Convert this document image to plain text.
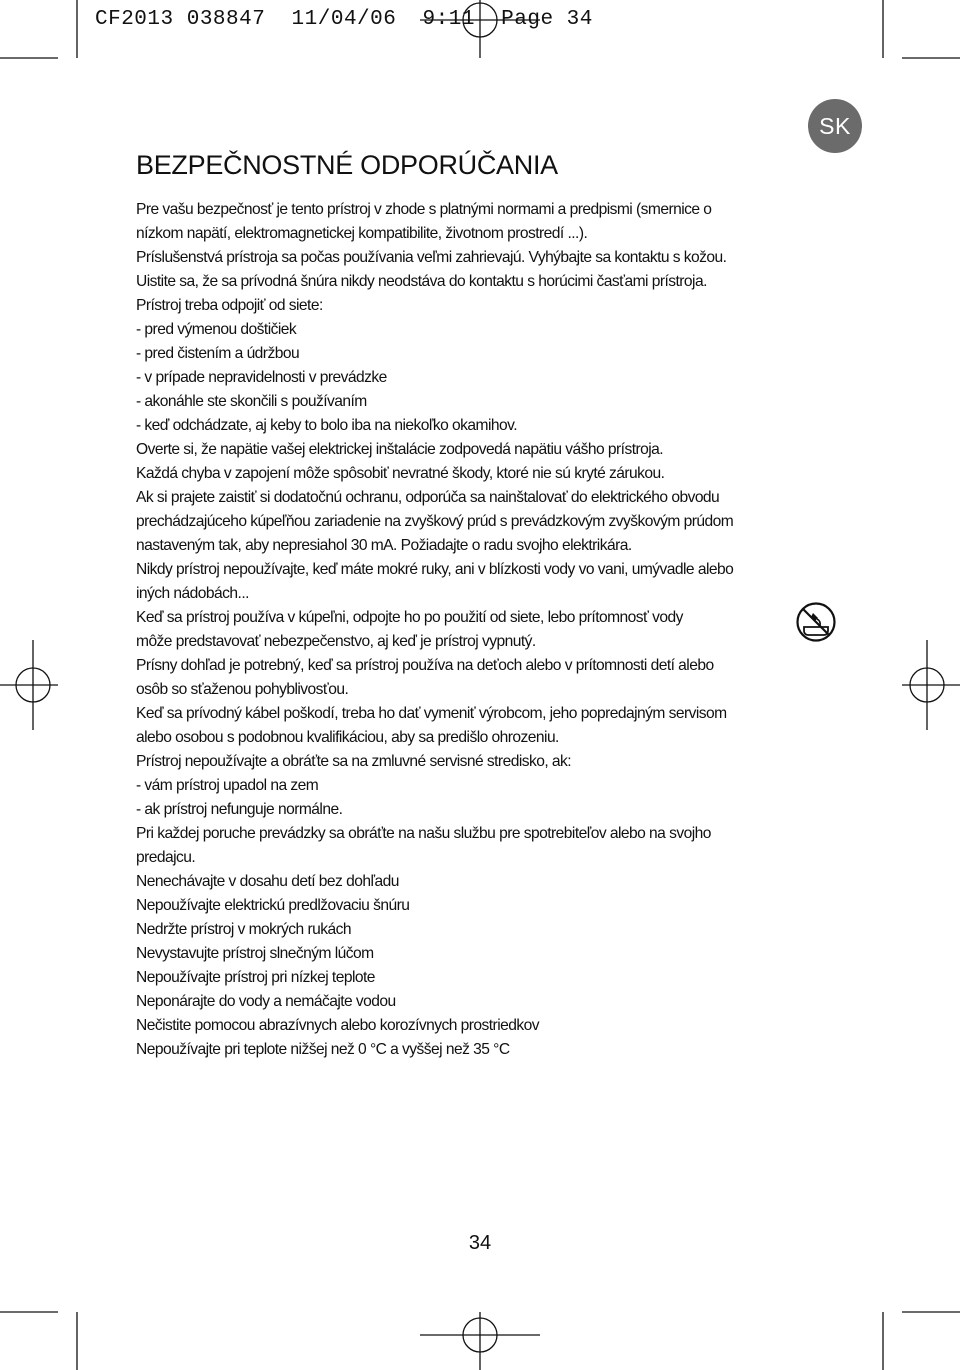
CF2013 038847  11/04/06  9:11  Page 34
SK
BEZPEČNOSTNÉ ODPORÚČANIA
Pre vašu bezpečnosť je tento prístroj v zhode s platnými normami a predpismi (smernice o
nízkom napätí, elektromagnetickej kompatibilite, životnom prostredí ...).
Príslušenstvá prístroja sa počas používania veľmi zahrievajú. Vyhýbajte sa kontaktu s kožou.
Uistite sa, že sa prívodná šnúra nikdy neodstáva do kontaktu s horúcimi časťami prístroja.
Prístroj treba odpojiť od siete:
- pred výmenou doštičiek
- pred čistením a údržbou
- v prípade nepravidelnosti v prevádzke
- akonáhle ste skončili s používaním
- keď odchádzate, aj keby to bolo iba na niekoľko okamihov.
Overte si, že napätie vašej elektrickej inštalácie zodpovedá napätiu vášho prístroja.
Každá chyba v zapojení môže spôsobiť nevratné škody, ktoré nie sú kryté zárukou.
Ak si prajete zaistiť si dodatočnú ochranu, odporúča sa nainštalovať do elektrického obvodu
prechádzajúceho kúpeľňou zariadenie na zvyškový prúd s prevádzkovým zvyškovým prúdom
nastaveným tak, aby nepresiahol 30 mA. Požiadajte o radu svojho elektrikára.
Nikdy prístroj nepoužívajte, keď máte mokré ruky, ani v blízkosti vody vo vani, umývadle alebo
iných nádobách...
Keď sa prístroj používa v kúpeľni, odpojte ho po použití od siete, lebo prítomnosť vody
môže predstavovať nebezpečenstvo, aj keď je prístroj vypnutý.
Prísny dohľad je potrebný, keď sa prístroj používa na deťoch alebo v prítomnosti detí alebo
osôb so sťaženou pohyblivosťou.
Keď sa prívodný kábel poškodí, treba ho dať vymeniť výrobcom, jeho popredajným servisom
alebo osobou s podobnou kvalifikáciou, aby sa predišlo ohrozeniu.
Prístroj nepoužívajte a obráťte sa na zmluvné servisné stredisko, ak:
- vám prístroj upadol na zem
- ak prístroj nefunguje normálne.
Pri každej poruche prevádzky sa obráťte na našu službu pre spotrebiteľov alebo na svojho
predajcu.
Nenechávajte v dosahu detí bez dohľadu
Nepoužívajte elektrickú predlžovaciu šnúru
Nedržte prístroj v mokrých rukách
Nevystavujte prístroj slnečným lúčom
Nepoužívajte prístroj pri nízkej teplote
Neponárajte do vody a nemáčajte vodou
Nečistite pomocou abrazívnych alebo korozívnych prostriedkov
Nepoužívajte pri teplote nižšej než 0 °C a vyššej než 35 °C
34
